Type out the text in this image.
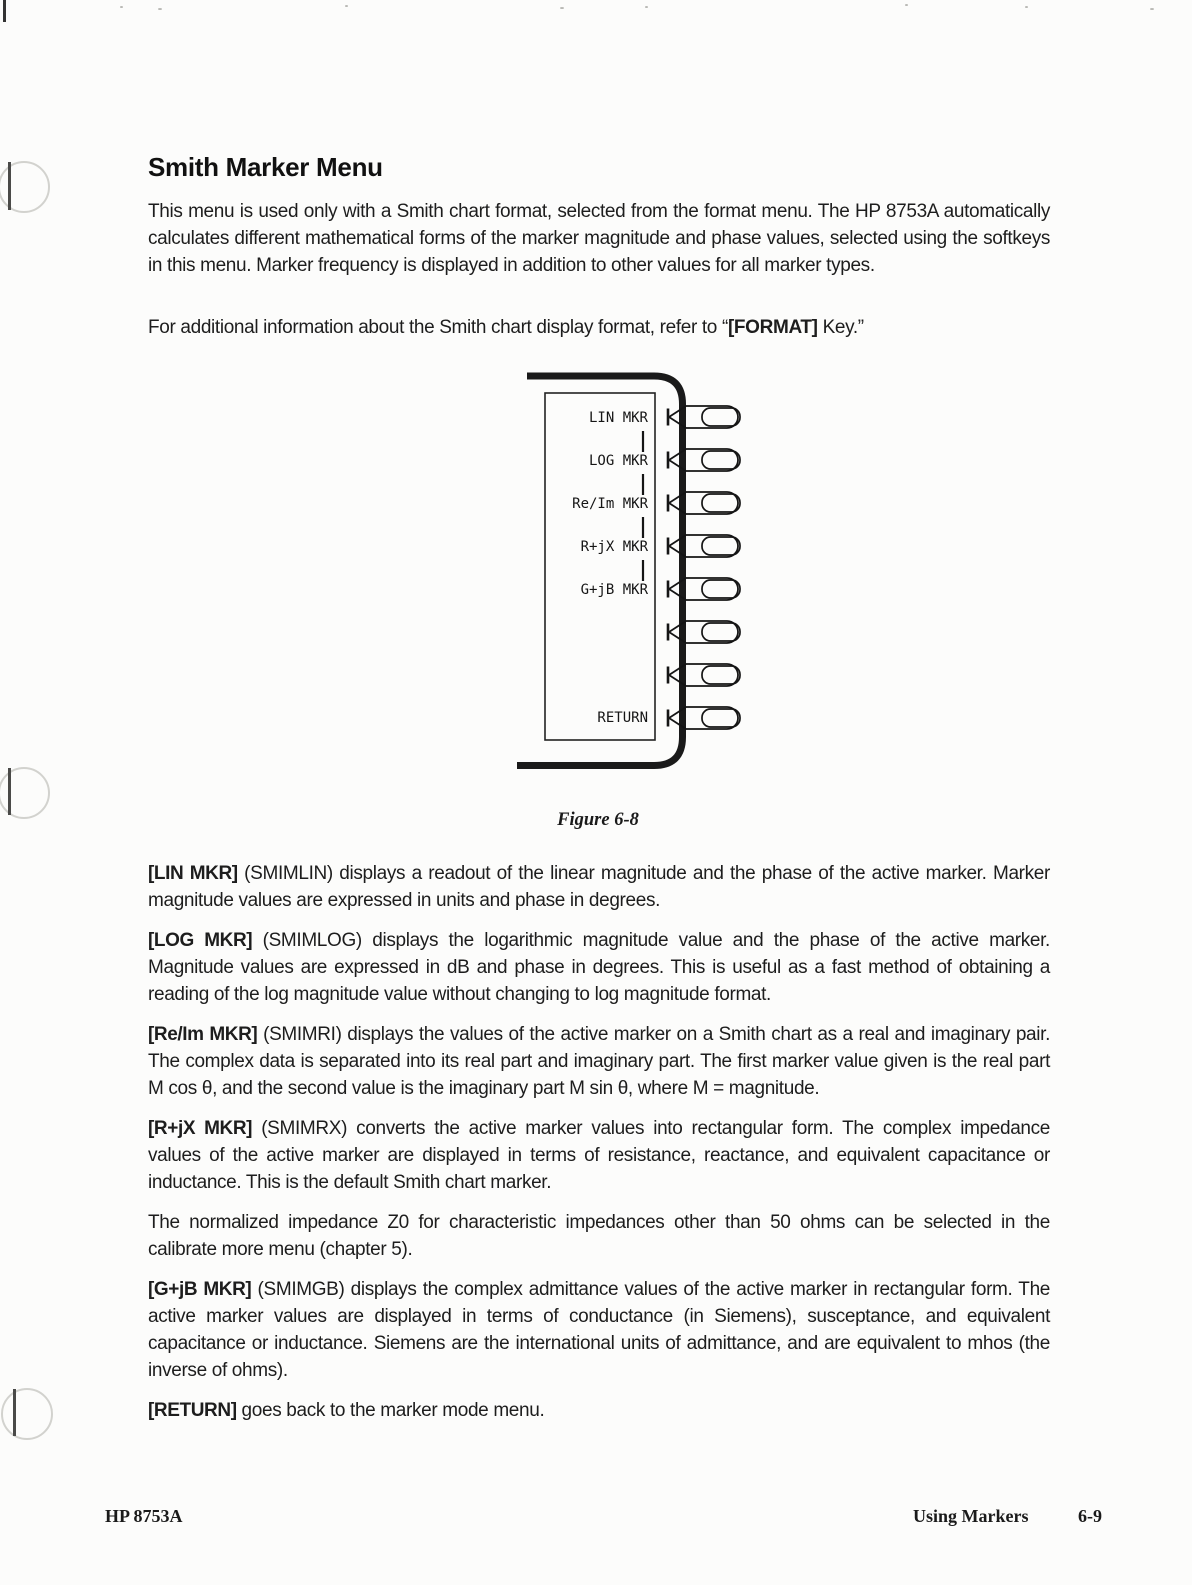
Smith Marker Menu

This menu is used only with a Smith chart format, selected from the format menu. The HP 8753A automatically calculates different mathematical forms of the marker magnitude and phase values, selected using the softkeys in this menu. Marker frequency is displayed in addition to other values for all marker types.

For additional information about the Smith chart display format, refer to “[FORMAT] Key.”

LIN MKR
LOG MKR
Re/Im MKR
R+jX MKR
G+jB MKR
RETURN

Figure 6-8

[LIN MKR] (SMIMLIN) displays a readout of the linear magnitude and the phase of the active marker. Marker magnitude values are expressed in units and phase in degrees.

[LOG MKR] (SMIMLOG) displays the logarithmic magnitude value and the phase of the active marker. Magnitude values are expressed in dB and phase in degrees. This is useful as a fast method of obtaining a reading of the log magnitude value without changing to log magnitude format.

[Re/Im MKR] (SMIMRI) displays the values of the active marker on a Smith chart as a real and imaginary pair. The complex data is separated into its real part and imaginary part. The first marker value given is the real part M cos θ, and the second value is the imaginary part M sin θ, where M = magnitude.

[R+jX MKR] (SMIMRX) converts the active marker values into rectangular form. The complex impedance values of the active marker are displayed in terms of resistance, reactance, and equivalent capacitance or inductance. This is the default Smith chart marker.

The normalized impedance Z0 for characteristic impedances other than 50 ohms can be selected in the calibrate more menu (chapter 5).

[G+jB MKR] (SMIMGB) displays the complex admittance values of the active marker in rectangular form. The active marker values are displayed in terms of conductance (in Siemens), susceptance, and equivalent capacitance or inductance. Siemens are the international units of admittance, and are equivalent to mhos (the inverse of ohms).

[RETURN] goes back to the marker mode menu.

HP 8753A	Using Markers	6-9
